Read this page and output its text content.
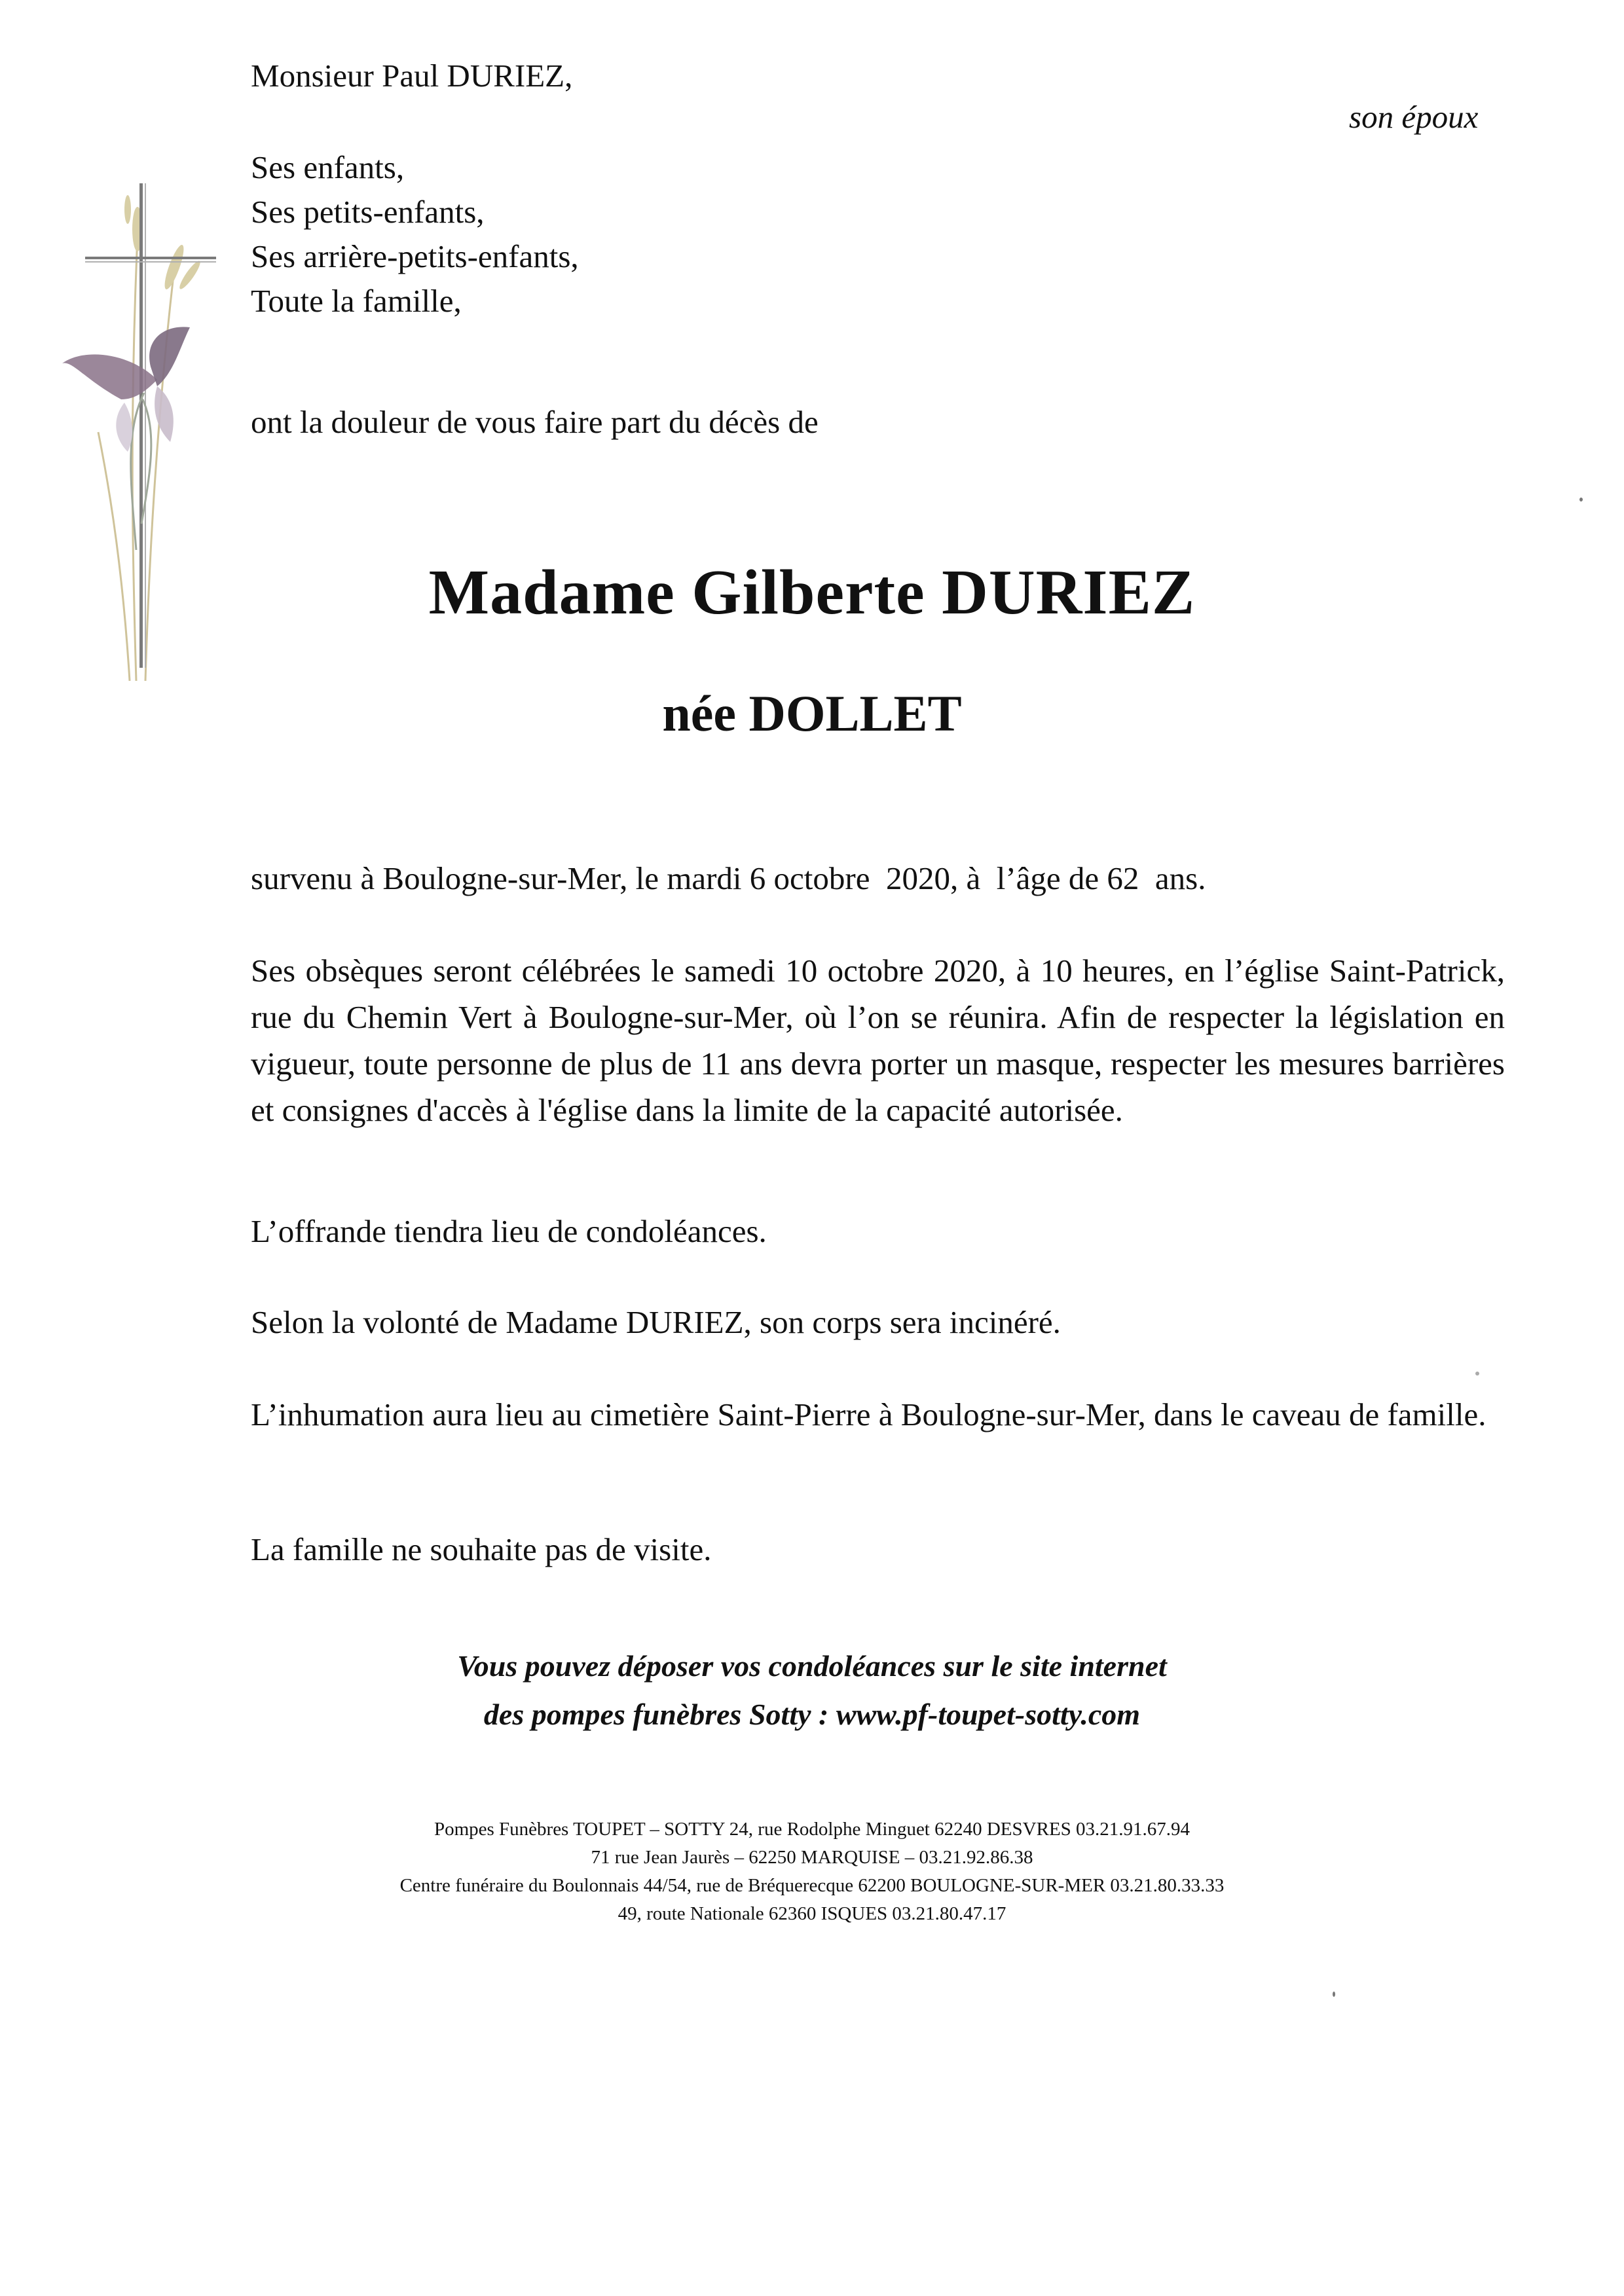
Monsieur Paul DURIEZ,

son époux

Ses enfants,
Ses petits-enfants,
Ses arrière-petits-enfants,
Toute la famille,

ont la douleur de vous faire part du décès de

Madame Gilberte DURIEZ
née DOLLET

survenu à Boulogne-sur-Mer, le mardi 6 octobre  2020, à  l’âge de 62  ans.

Ses obsèques seront célébrées le samedi 10 octobre 2020, à 10 heures, en l’église Saint-Patrick, rue du Chemin Vert à Boulogne-sur-Mer, où l’on se réunira. Afin de respecter la législation en vigueur, toute personne de plus de 11 ans devra porter un masque, respecter les mesures barrières et consignes d'accès à l'église dans la limite de la capacité autorisée.

L’offrande tiendra lieu de condoléances.

Selon la volonté de Madame DURIEZ, son corps sera incinéré.

L’inhumation aura lieu au cimetière Saint-Pierre à Boulogne-sur-Mer, dans le caveau de famille.

La famille ne souhaite pas de visite.

Vous pouvez déposer vos condoléances sur le site internet
des pompes funèbres Sotty : www.pf-toupet-sotty.com
Pompes Funèbres TOUPET – SOTTY 24, rue Rodolphe Minguet 62240 DESVRES 03.21.91.67.94
71 rue Jean Jaurès – 62250 MARQUISE – 03.21.92.86.38
Centre funéraire du Boulonnais 44/54, rue de Bréquerecque 62200 BOULOGNE-SUR-MER 03.21.80.33.33
49, route Nationale 62360 ISQUES 03.21.80.47.17
